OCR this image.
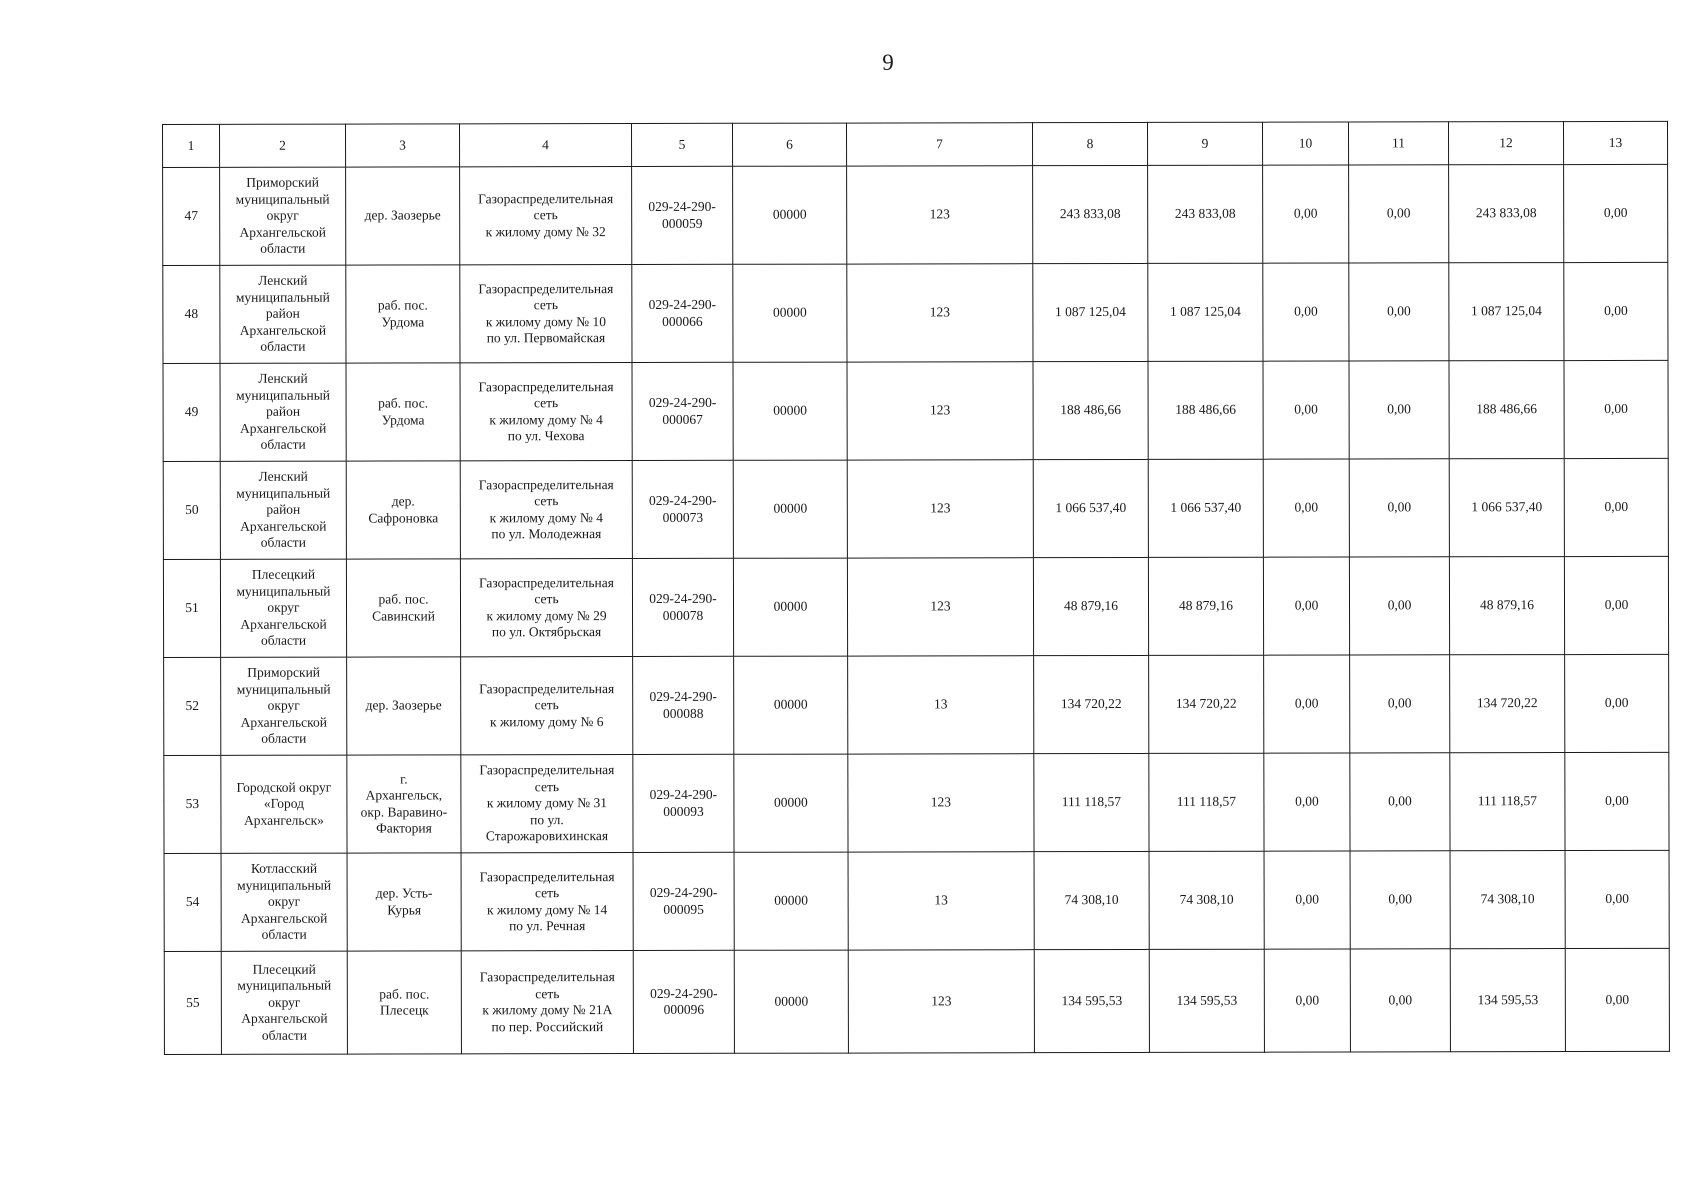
9
1	2	3	4	5	6	7	8	9	10	11	12	13
47	Приморский
муниципальный
округ
Архангельской
области	дер. Заозерье	Газораспределительная
сеть
к жилому дому № 32	029-24-290-
000059	00000	123	243 833,08	243 833,08	0,00	0,00	243 833,08	0,00
48	Ленский
муниципальный
район
Архангельской
области	раб. пос.
Урдома	Газораспределительная
сеть
к жилому дому № 10
по ул. Первомайская	029-24-290-
000066	00000	123	1 087 125,04	1 087 125,04	0,00	0,00	1 087 125,04	0,00
49	Ленский
муниципальный
район
Архангельской
области	раб. пос.
Урдома	Газораспределительная
сеть
к жилому дому № 4
по ул. Чехова	029-24-290-
000067	00000	123	188 486,66	188 486,66	0,00	0,00	188 486,66	0,00
50	Ленский
муниципальный
район
Архангельской
области	дер.
Сафроновка	Газораспределительная
сеть
к жилому дому № 4
по ул. Молодежная	029-24-290-
000073	00000	123	1 066 537,40	1 066 537,40	0,00	0,00	1 066 537,40	0,00
51	Плесецкий
муниципальный
округ
Архангельской
области	раб. пос.
Савинский	Газораспределительная
сеть
к жилому дому № 29
по ул. Октябрьская	029-24-290-
000078	00000	123	48 879,16	48 879,16	0,00	0,00	48 879,16	0,00
52	Приморский
муниципальный
округ
Архангельской
области	дер. Заозерье	Газораспределительная
сеть
к жилому дому № 6	029-24-290-
000088	00000	13	134 720,22	134 720,22	0,00	0,00	134 720,22	0,00
53	Городской округ
«Город
Архангельск»	г.
Архангельск,
окр. Варавино-
Фактория	Газораспределительная
сеть
к жилому дому № 31
по ул.
Старожаровихинская	029-24-290-
000093	00000	123	111 118,57	111 118,57	0,00	0,00	111 118,57	0,00
54	Котласский
муниципальный
округ
Архангельской
области	дер. Усть-
Курья	Газораспределительная
сеть
к жилому дому № 14
по ул. Речная	029-24-290-
000095	00000	13	74 308,10	74 308,10	0,00	0,00	74 308,10	0,00
55	Плесецкий
муниципальный
округ
Архангельской
области	раб. пос.
Плесецк	Газораспределительная
сеть
к жилому дому № 21А
по пер. Российский	029-24-290-
000096	00000	123	134 595,53	134 595,53	0,00	0,00	134 595,53	0,00
